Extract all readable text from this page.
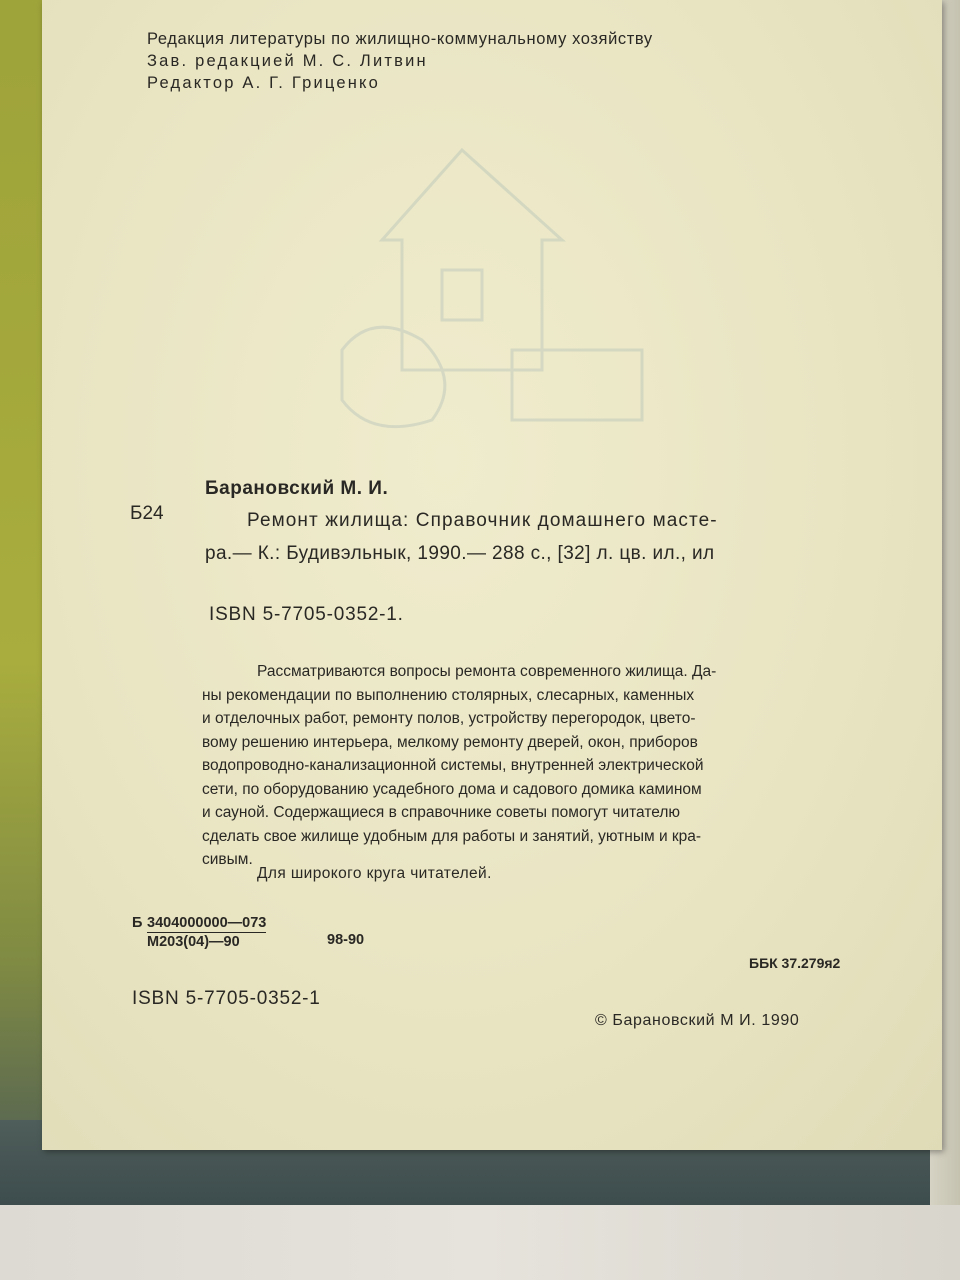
Редакция литературы по жилищно-коммунальному хозяйству
Зав. редакцией М. С. Литвин
Редактор А. Г. Гриценко
Барановский М. И.
Б24	Ремонт жилища: Справочник домашнего масте-
ра.— К.: Будивэльнык, 1990.— 288 с., [32] л. цв. ил., ил
ISBN 5-7705-0352-1.
Рассматриваются вопросы ремонта современного жилища. Да-
ны рекомендации по выполнению столярных, слесарных, каменных
и отделочных работ, ремонту полов, устройству перегородок, цвето-
вому решению интерьера, мелкому ремонту дверей, окон, приборов
водопроводно-канализационной системы, внутренней электрической
сети, по оборудованию усадебного дома и садового домика камином
и сауной. Содержащиеся в справочнике советы помогут читателю
сделать свое жилище удобным для работы и занятий, уютным и кра-
сивым.
Для широкого круга читателей.
Б 3404000000—073
М203(04)—90	98-90
ББК 37.279я2
ISBN 5-7705-0352-1
© Барановский М И. 1990
